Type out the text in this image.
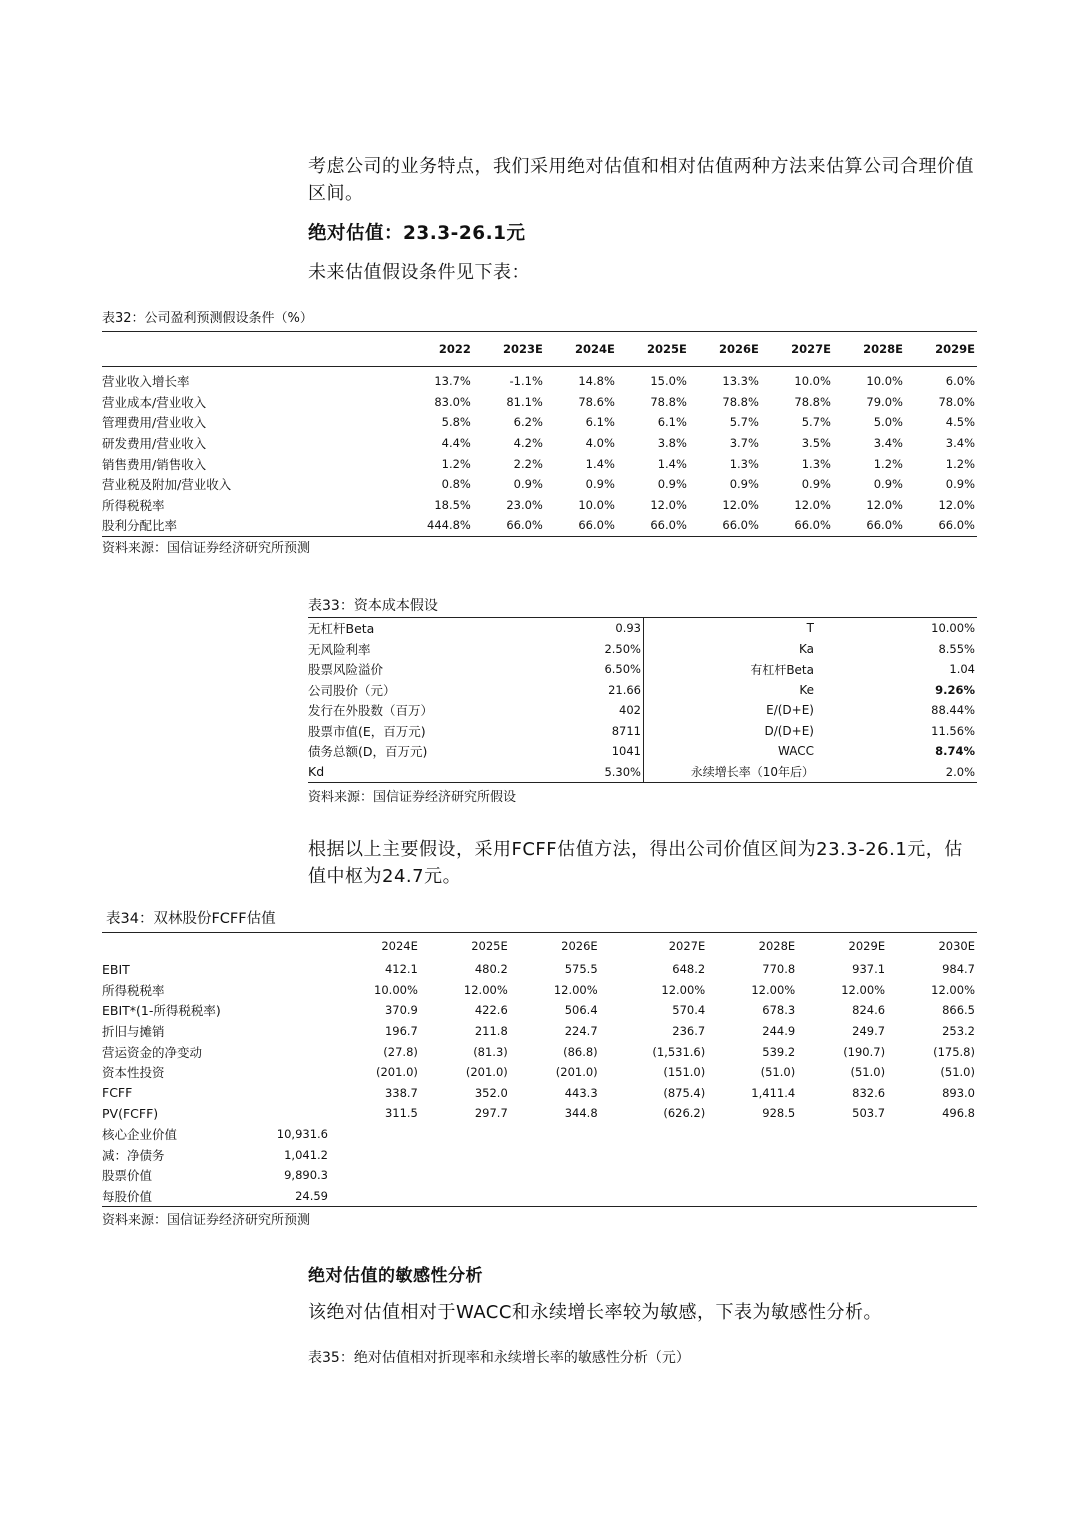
考虑公司的业务特点，我们采用绝对估值和相对估值两种方法来估算公司合理价值区间。
绝对估值：23.3-26.1元
未来估值假设条件见下表：
表32：公司盈利预测假设条件（%）
	2022	2023E	2024E	2025E	2026E	2027E	2028E	2029E
营业收入增长率	13.7%	-1.1%	14.8%	15.0%	13.3%	10.0%	10.0%	6.0%
营业成本/营业收入	83.0%	81.1%	78.6%	78.8%	78.8%	78.8%	79.0%	78.0%
管理费用/营业收入	5.8%	6.2%	6.1%	6.1%	5.7%	5.7%	5.0%	4.5%
研发费用/营业收入	4.4%	4.2%	4.0%	3.8%	3.7%	3.5%	3.4%	3.4%
销售费用/销售收入	1.2%	2.2%	1.4%	1.4%	1.3%	1.3%	1.2%	1.2%
营业税及附加/营业收入	0.8%	0.9%	0.9%	0.9%	0.9%	0.9%	0.9%	0.9%
所得税税率	18.5%	23.0%	10.0%	12.0%	12.0%	12.0%	12.0%	12.0%
股利分配比率	444.8%	66.0%	66.0%	66.0%	66.0%	66.0%	66.0%	66.0%
资料来源：国信证券经济研究所预测
表33：资本成本假设
无杠杆Beta	0.93	T	10.00%
无风险利率	2.50%	Ka	8.55%
股票风险溢价	6.50%	有杠杆Beta	1.04
公司股价（元）	21.66	Ke	9.26%
发行在外股数（百万）	402	E/(D+E)	88.44%
股票市值(E，百万元)	8711	D/(D+E)	11.56%
债务总额(D，百万元)	1041	WACC	8.74%
Kd	5.30%	永续增长率（10年后）	2.0%
资料来源：国信证券经济研究所假设
根据以上主要假设，采用FCFF估值方法，得出公司价值区间为23.3-26.1元，估值中枢为24.7元。
表34：双林股份FCFF估值
		2024E	2025E	2026E	2027E	2028E	2029E	2030E
EBIT		412.1	480.2	575.5	648.2	770.8	937.1	984.7
所得税税率		10.00%	12.00%	12.00%	12.00%	12.00%	12.00%	12.00%
EBIT*(1-所得税税率)		370.9	422.6	506.4	570.4	678.3	824.6	866.5
折旧与摊销		196.7	211.8	224.7	236.7	244.9	249.7	253.2
营运资金的净变动		(27.8)	(81.3)	(86.8)	(1,531.6)	539.2	(190.7)	(175.8)
资本性投资		(201.0)	(201.0)	(201.0)	(151.0)	(51.0)	(51.0)	(51.0)
FCFF		338.7	352.0	443.3	(875.4)	1,411.4	832.6	893.0
PV(FCFF)		311.5	297.7	344.8	(626.2)	928.5	503.7	496.8
核心企业价值	10,931.6							
减：净债务	1,041.2							
股票价值	9,890.3							
每股价值	24.59							
资料来源：国信证券经济研究所预测
绝对估值的敏感性分析
该绝对估值相对于WACC和永续增长率较为敏感，下表为敏感性分析。
表35：绝对估值相对折现率和永续增长率的敏感性分析（元）
